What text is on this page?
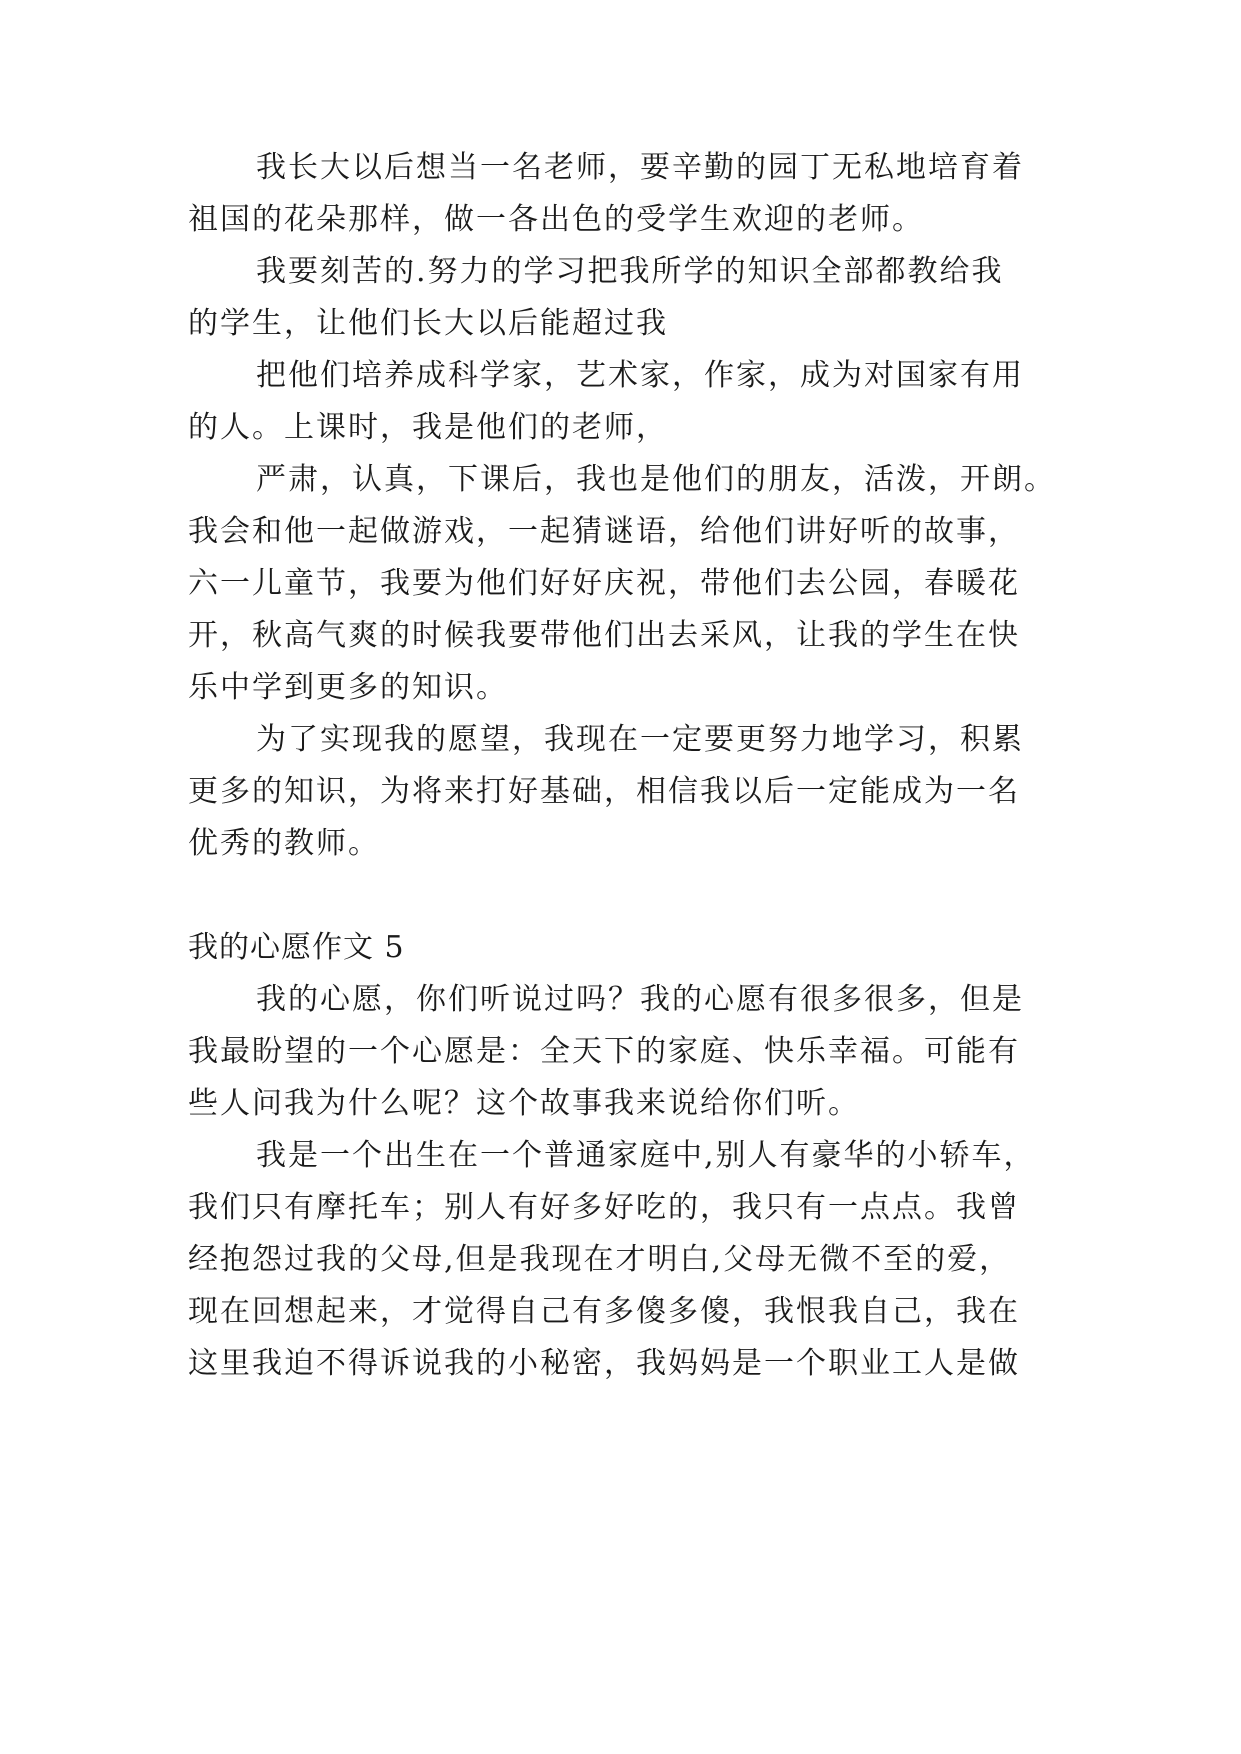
我长大以后想当一名老师，要辛勤的园丁无私地培育着
祖国的花朵那样，做一各出色的受学生欢迎的老师。
我要刻苦的.努力的学习把我所学的知识全部都教给我
的学生，让他们长大以后能超过我
把他们培养成科学家，艺术家，作家，成为对国家有用
的人。上课时，我是他们的老师，
严肃，认真，下课后，我也是他们的朋友，活泼，开朗。
我会和他一起做游戏，一起猜谜语，给他们讲好听的故事，
六一儿童节，我要为他们好好庆祝，带他们去公园，春暖花
开，秋高气爽的时候我要带他们出去采风，让我的学生在快
乐中学到更多的知识。
为了实现我的愿望，我现在一定要更努力地学习，积累
更多的知识，为将来打好基础，相信我以后一定能成为一名
优秀的教师。
我的心愿作文 5
我的心愿，你们听说过吗？我的心愿有很多很多，但是
我最盼望的一个心愿是：全天下的家庭、快乐幸福。可能有
些人问我为什么呢？这个故事我来说给你们听。
我是一个出生在一个普通家庭中,别人有豪华的小轿车，
我们只有摩托车；别人有好多好吃的，我只有一点点。我曾
经抱怨过我的父母,但是我现在才明白,父母无微不至的爱，
现在回想起来，才觉得自己有多傻多傻，我恨我自己，我在
这里我迫不得诉说我的小秘密，我妈妈是一个职业工人是做
